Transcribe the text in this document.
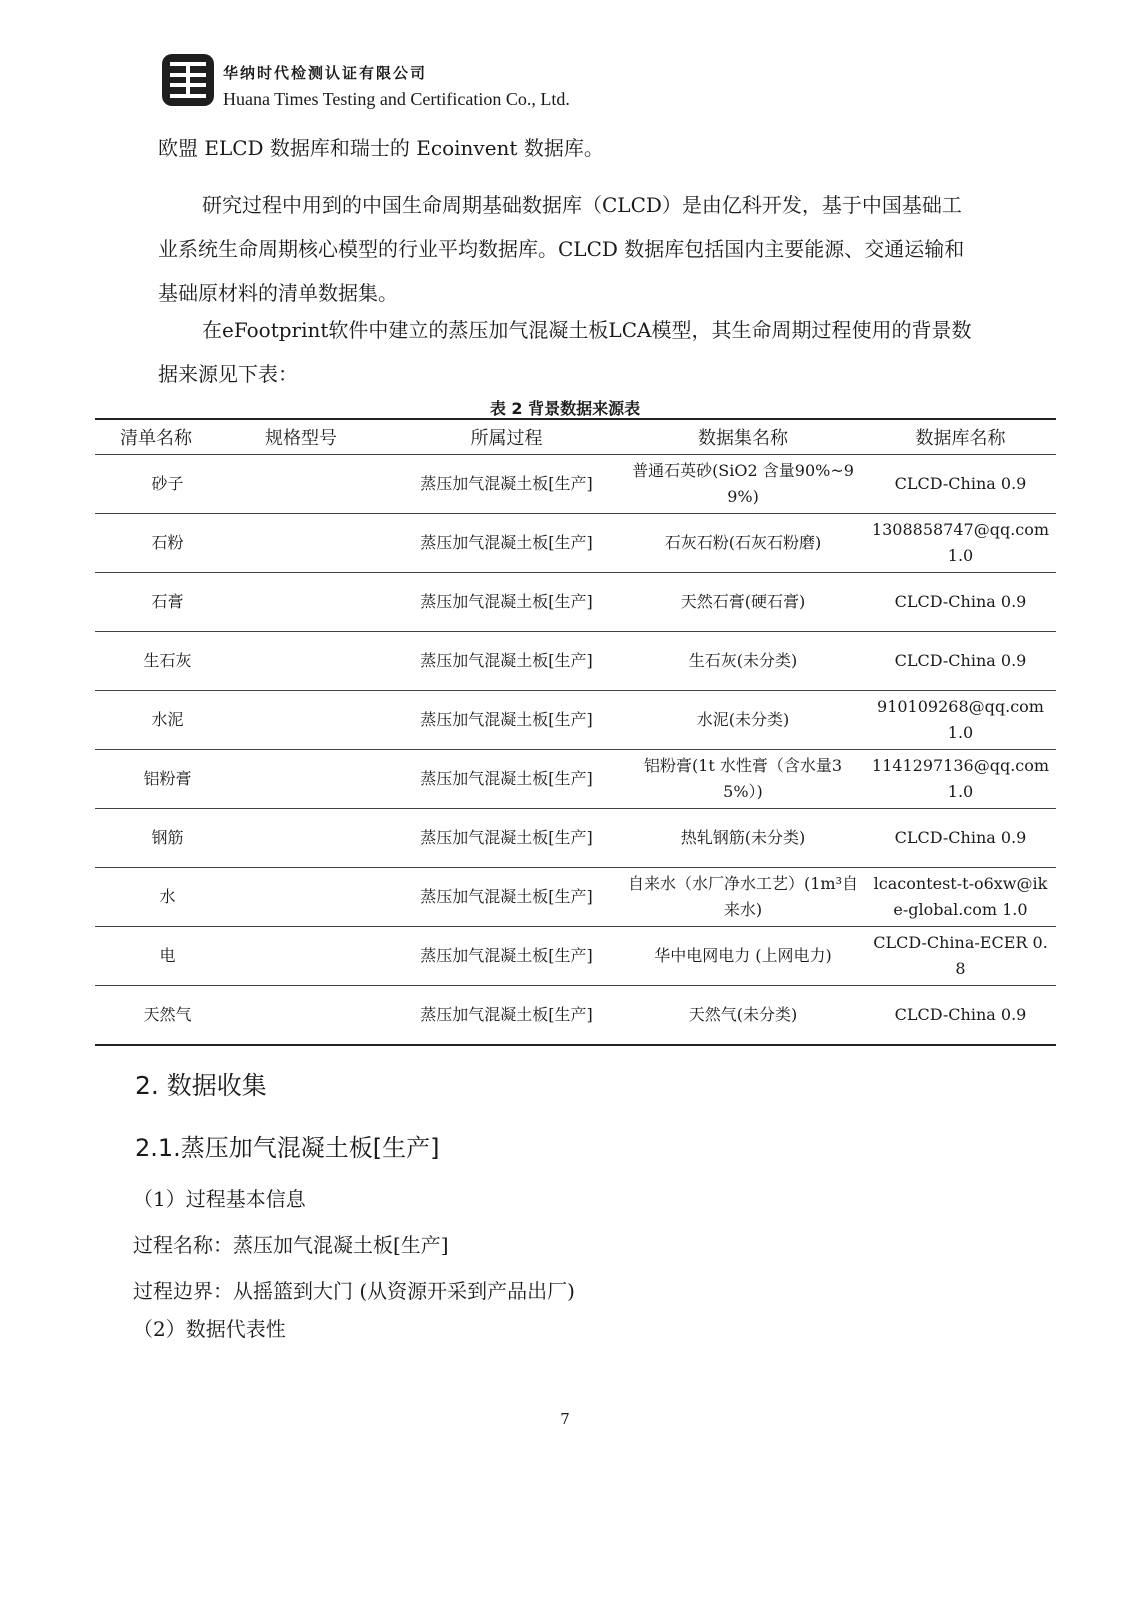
华纳时代检测认证有限公司
Huana Times Testing and Certification Co., Ltd.

欧盟 ELCD 数据库和瑞士的 Ecoinvent 数据库。

研究过程中用到的中国生命周期基础数据库（CLCD）是由亿科开发，基于中国基础工业系统生命周期核心模型的行业平均数据库。CLCD 数据库包括国内主要能源、交通运输和基础原材料的清单数据集。

在eFootprint软件中建立的蒸压加气混凝土板LCA模型，其生命周期过程使用的背景数据来源见下表：

表 2 背景数据来源表
清单名称	规格型号	所属过程	数据集名称	数据库名称
砂子		蒸压加气混凝土板[生产]	普通石英砂(SiO2 含量90%~99%)	CLCD-China 0.9
石粉		蒸压加气混凝土板[生产]	石灰石粉(石灰石粉磨)	1308858747@qq.com 1.0
石膏		蒸压加气混凝土板[生产]	天然石膏(硬石膏)	CLCD-China 0.9
生石灰		蒸压加气混凝土板[生产]	生石灰(未分类)	CLCD-China 0.9
水泥		蒸压加气混凝土板[生产]	水泥(未分类)	910109268@qq.com 1.0
铝粉膏		蒸压加气混凝土板[生产]	铝粉膏(1t 水性膏（含水量35%）)	1141297136@qq.com 1.0
钢筋		蒸压加气混凝土板[生产]	热轧钢筋(未分类)	CLCD-China 0.9
水		蒸压加气混凝土板[生产]	自来水（水厂净水工艺）(1m³自来水)	lcacontest-t-o6xw@ike-global.com 1.0
电		蒸压加气混凝土板[生产]	华中电网电力 (上网电力)	CLCD-China-ECER 0.8
天然气		蒸压加气混凝土板[生产]	天然气(未分类)	CLCD-China 0.9
2. 数据收集
2.1.蒸压加气混凝土板[生产]

（1）过程基本信息

过程名称：蒸压加气混凝土板[生产]

过程边界：从摇篮到大门 (从资源开采到产品出厂)

（2）数据代表性

7
